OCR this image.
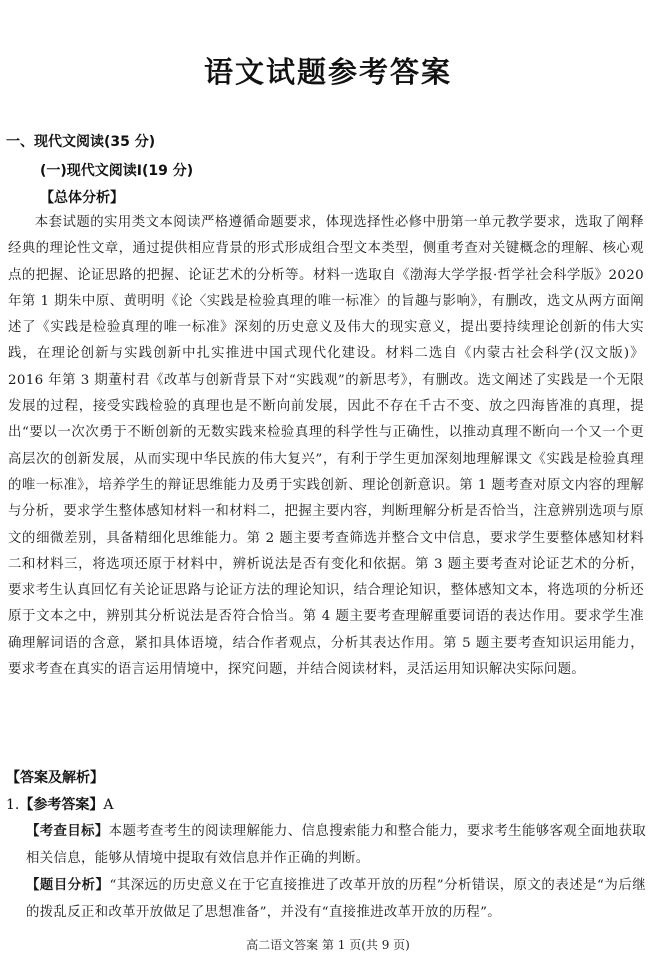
语文试题参考答案
一、现代文阅读(35 分)
(一)现代文阅读Ⅰ(19 分)
【总体分析】

本套试题的实用类文本阅读严格遵循命题要求，体现选择性必修中册第一单元教学要求，选取了阐释经典的理论性文章，通过提供相应背景的形式形成组合型文本类型，侧重考查对关键概念的理解、核心观点的把握、论证思路的把握、论证艺术的分析等。材料一选取自《渤海大学学报·哲学社会科学版》2020 年第 1 期朱中原、黄明明《论〈实践是检验真理的唯一标准〉的旨趣与影响》，有删改，选文从两方面阐述了《实践是检验真理的唯一标准》深刻的历史意义及伟大的现实意义，提出要持续理论创新的伟大实践，在理论创新与实践创新中扎实推进中国式现代化建设。材料二选自《内蒙古社会科学(汉文版)》2016 年第 3 期董村君《改革与创新背景下对“实践观”的新思考》，有删改。选文阐述了实践是一个无限发展的过程，接受实践检验的真理也是不断向前发展，因此不存在千古不变、放之四海皆准的真理，提出“要以一次次勇于不断创新的无数实践来检验真理的科学性与正确性，以推动真理不断向一个又一个更高层次的创新发展，从而实现中华民族的伟大复兴”，有利于学生更加深刻地理解课文《实践是检验真理的唯一标准》，培养学生的辩证思维能力及勇于实践创新、理论创新意识。第 1 题考查对原文内容的理解与分析，要求学生整体感知材料一和材料二，把握主要内容，判断理解分析是否恰当，注意辨别选项与原文的细微差别，具备精细化思维能力。第 2 题主要考查筛选并整合文中信息，要求学生要整体感知材料二和材料三，将选项还原于材料中，辨析说法是否有变化和依据。第 3 题主要考查对论证艺术的分析，要求考生认真回忆有关论证思路与论证方法的理论知识，结合理论知识，整体感知文本，将选项的分析还原于文本之中，辨别其分析说法是否符合恰当。第 4 题主要考查理解重要词语的表达作用。要求学生准确理解词语的含意，紧扣具体语境，结合作者观点，分析其表达作用。第 5 题主要考查知识运用能力，要求考查在真实的语言运用情境中，探究问题，并结合阅读材料，灵活运用知识解决实际问题。

【答案及解析】
1.【参考答案】A

【考查目标】本题考查考生的阅读理解能力、信息搜索能力和整合能力，要求考生能够客观全面地获取相关信息，能够从情境中提取有效信息并作正确的判断。

【题目分析】“其深远的历史意义在于它直接推进了改革开放的历程”分析错误，原文的表述是“为后继的拨乱反正和改革开放做足了思想准备”，并没有“直接推进改革开放的历程”。

高二语文答案 第 1 页(共 9 页)
